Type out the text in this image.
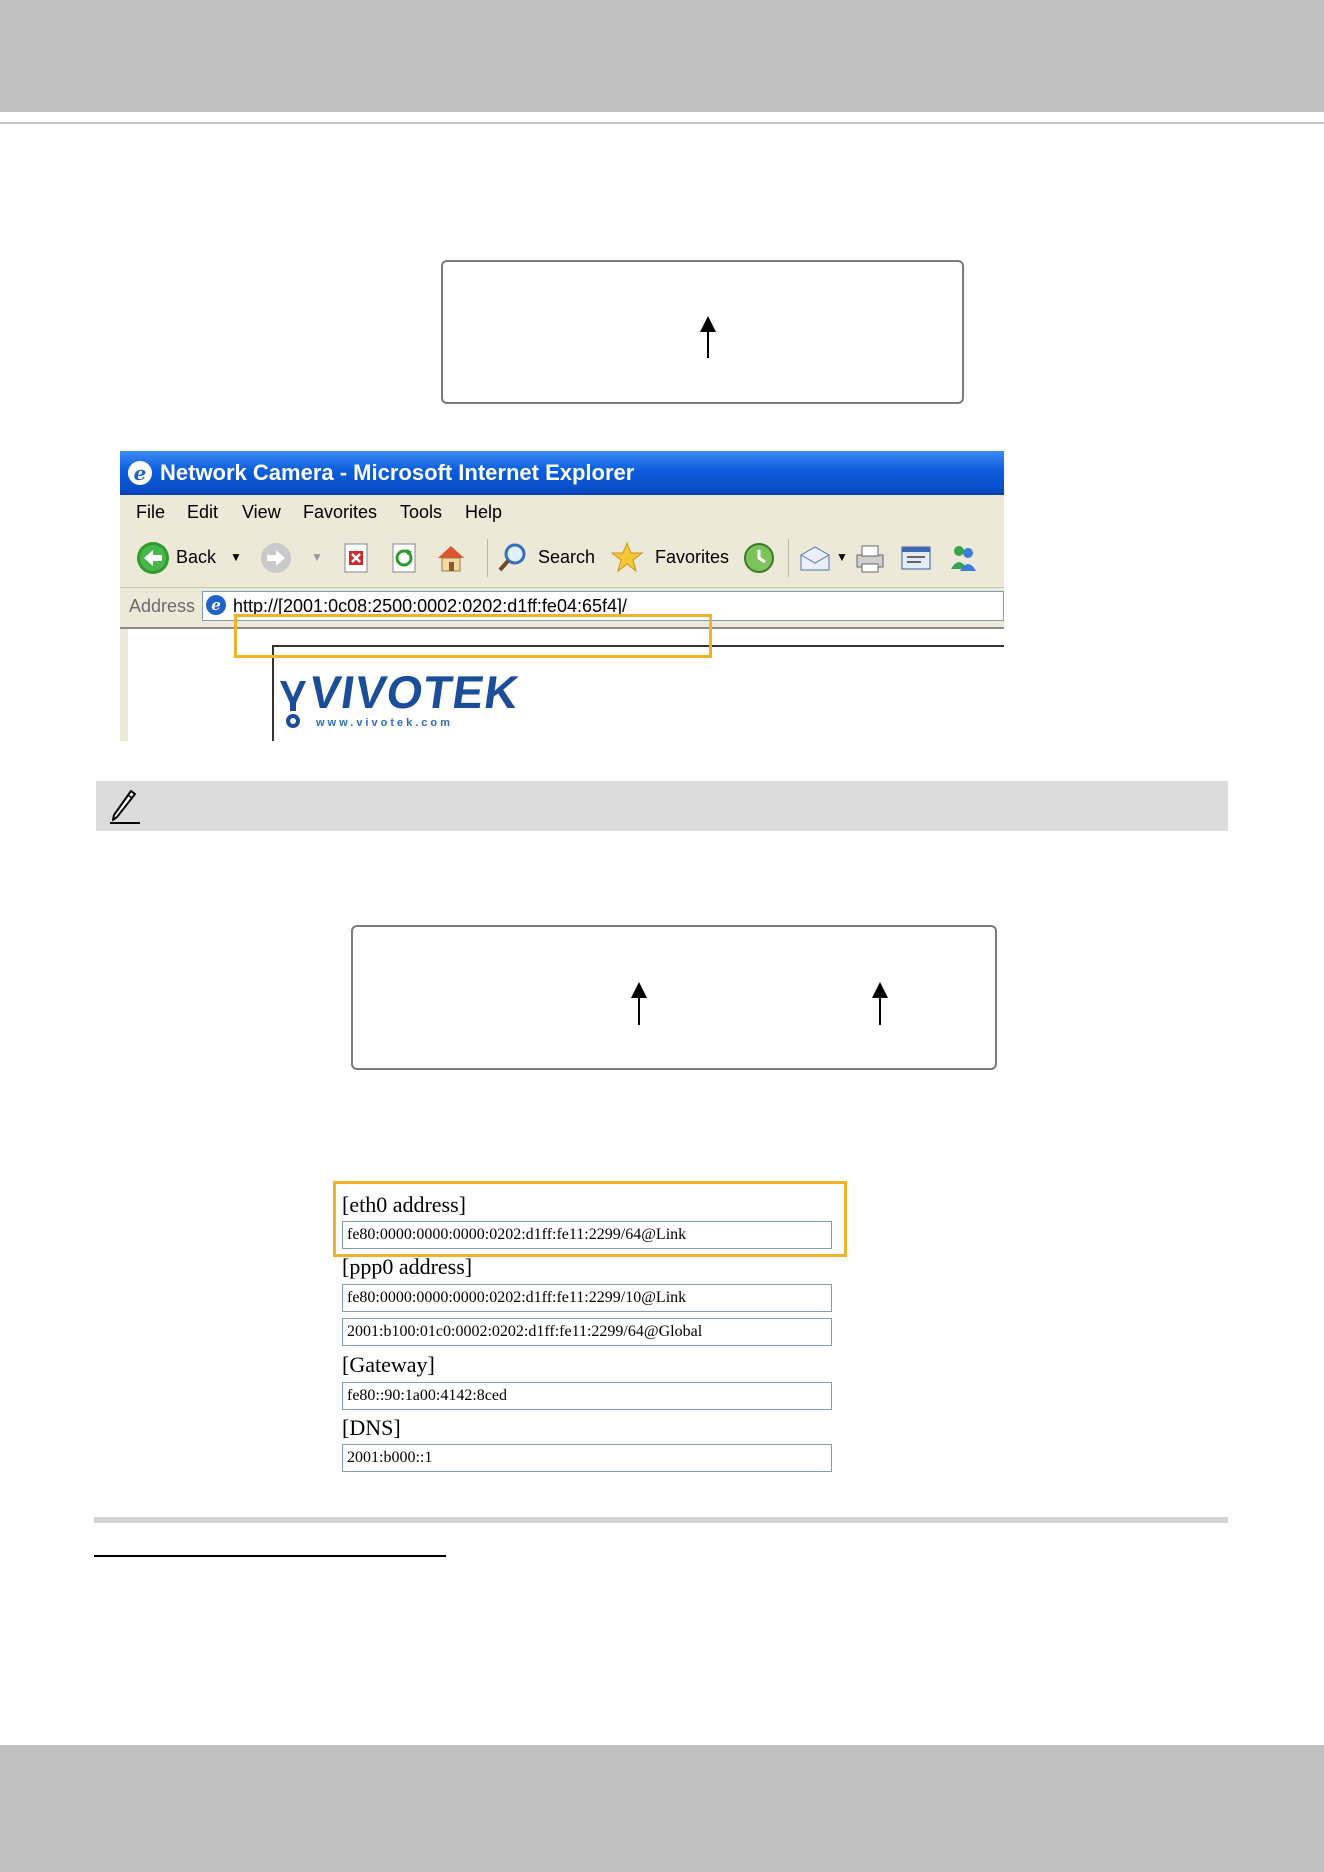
Network Camera - Microsoft Internet Explorer
e
File Edit View Favorites Tools Help
Back ▼	▼	Search	Favorites	▼
Address	http://[2001:0c08:2500:0002:0202:d1ff:fe04:65f4]/
e
VIVOTEK
www.vivotek.com
[eth0 address]
fe80:0000:0000:0000:0202:d1ff:fe11:2299/64@Link
[ppp0 address]
fe80:0000:0000:0000:0202:d1ff:fe11:2299/10@Link
2001:b100:01c0:0002:0202:d1ff:fe11:2299/64@Global
[Gateway]
fe80::90:1a00:4142:8ced
[DNS]
2001:b000::1
